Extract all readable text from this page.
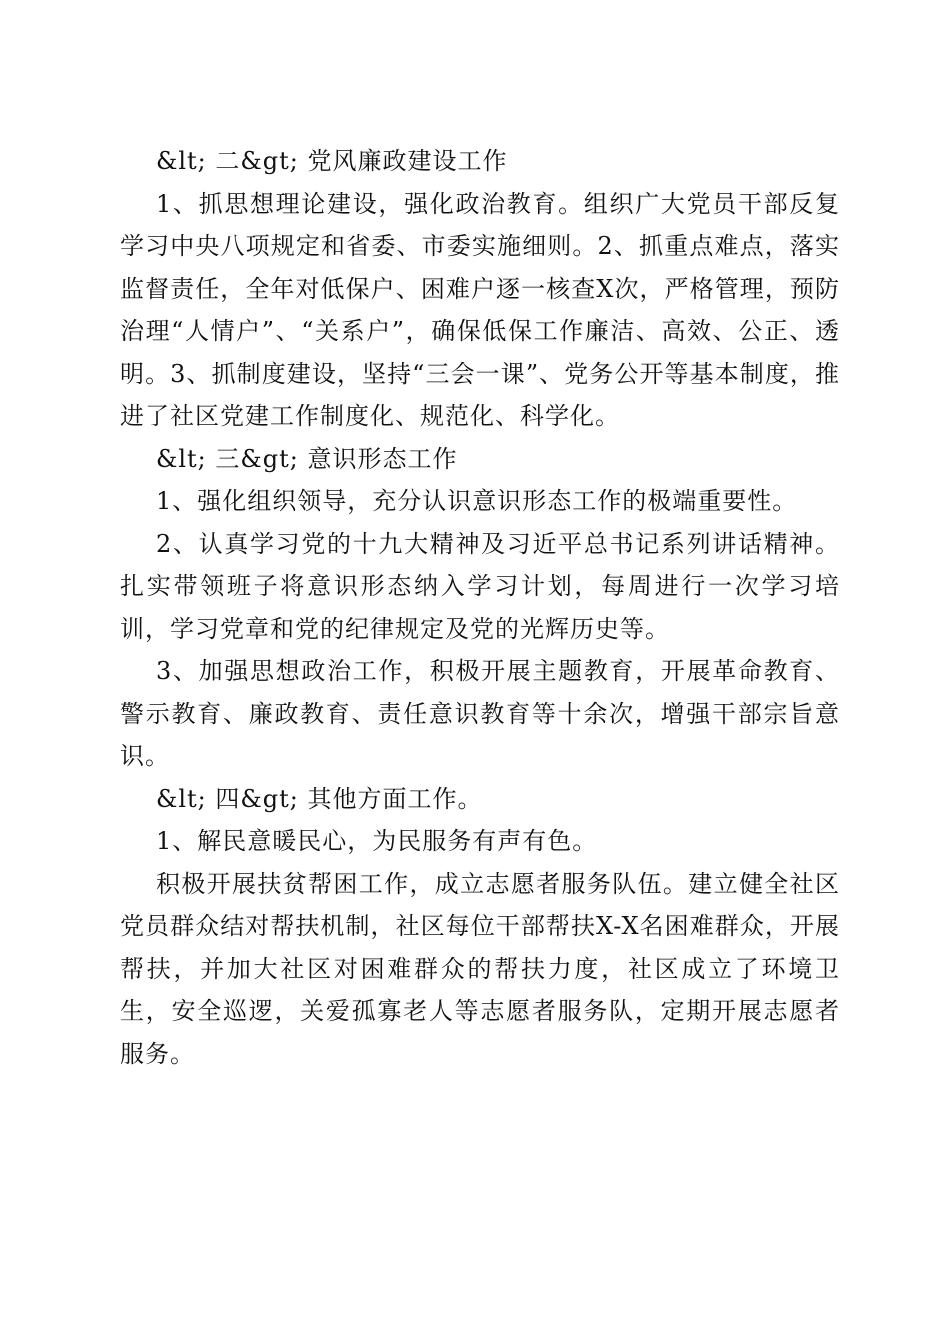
&lt; 二&gt; 党风廉政建设工作

1、抓思想理论建设，强化政治教育。组织广大党员干部反复学习中央八项规定和省委、市委实施细则。2、抓重点难点，落实监督责任，全年对低保户、困难户逐一核查X次，严格管理，预防治理“人情户”、“关系户”，确保低保工作廉洁、高效、公正、透明。3、抓制度建设，坚持“三会一课”、党务公开等基本制度，推进了社区党建工作制度化、规范化、科学化。

&lt; 三&gt; 意识形态工作

1、强化组织领导，充分认识意识形态工作的极端重要性。

2、认真学习党的十九大精神及习近平总书记系列讲话精神。扎实带领班子将意识形态纳入学习计划，每周进行一次学习培训，学习党章和党的纪律规定及党的光辉历史等。

3、加强思想政治工作，积极开展主题教育，开展革命教育、警示教育、廉政教育、责任意识教育等十余次，增强干部宗旨意识。

&lt; 四&gt; 其他方面工作。

1、解民意暖民心，为民服务有声有色。

积极开展扶贫帮困工作，成立志愿者服务队伍。建立健全社区党员群众结对帮扶机制，社区每位干部帮扶X-X名困难群众，开展帮扶，并加大社区对困难群众的帮扶力度，社区成立了环境卫生，安全巡逻，关爱孤寡老人等志愿者服务队，定期开展志愿者服务。
